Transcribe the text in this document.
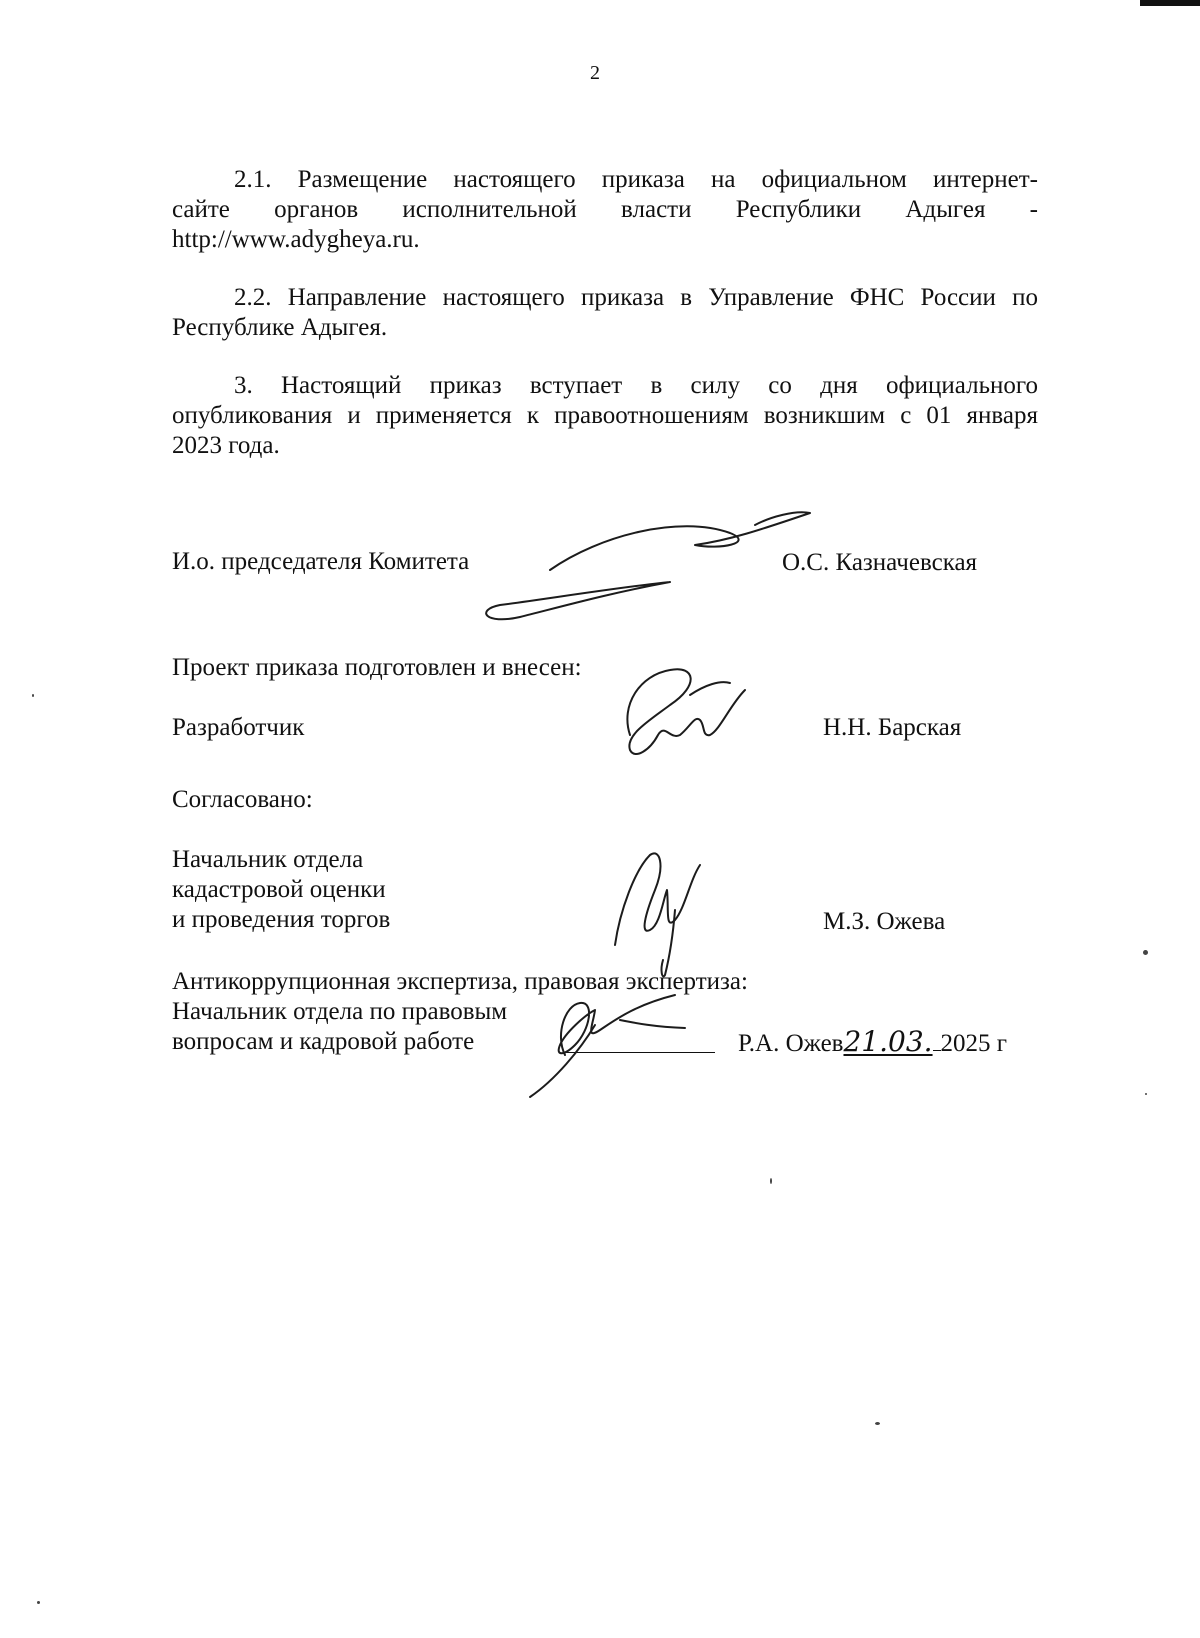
2
2.1. Размещение настоящего приказа на официальном интернет-
сайте органов исполнительной власти Республики Адыгея -
http://www.adygheya.ru.
2.2. Направление настоящего приказа в Управление ФНС России по
Республике Адыгея.
3. Настоящий приказ вступает в силу со дня официального
опубликования и применяется к правоотношениям возникшим с 01 января
2023 года.
И.о. председателя Комитета	О.С. Казначевская
Проект приказа подготовлен и внесен:
Разработчик	Н.Н. Барская
Согласовано:
Начальник отдела
кадастровой оценки
и проведения торгов	М.З. Ожева
Антикоррупционная экспертиза, правовая экспертиза:
Начальник отдела по правовым
вопросам и кадровой работе	Р.А. Ожев21.03. 2025 г
